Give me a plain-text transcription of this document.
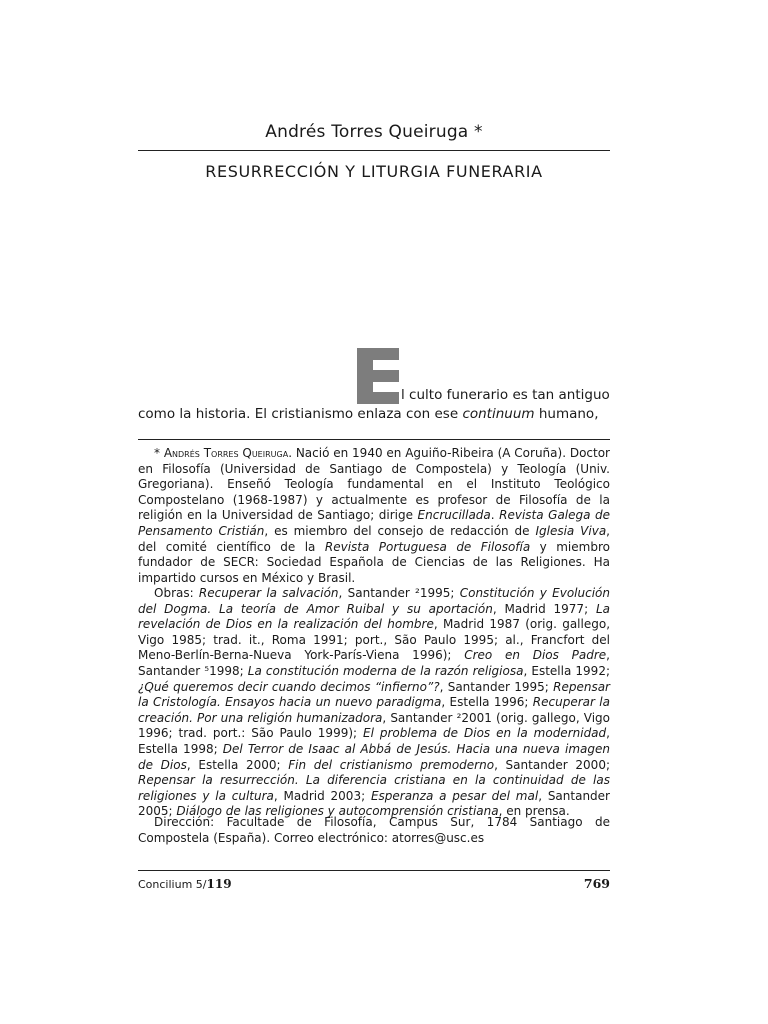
Andrés Torres Queiruga *
RESURRECCIÓN Y LITURGIA FUNERARIA
E
l culto funerario es tan antiguo
como la historia. El cristianismo enlaza con ese continuum humano,

* Andrés Torres Queiruga. Nació en 1940 en Aguiño-Ribeira (A Coruña). Doctor en Filosofía (Universidad de Santiago de Compostela) y Teología (Univ. Gregoriana). Enseñó Teología fundamental en el Instituto Teológico Compostelano (1968-1987) y actualmente es profesor de Filosofía de la religión en la Universidad de Santiago; dirige Encrucillada. Revista Galega de Pensamento Cristián, es miembro del consejo de redacción de Iglesia Viva, del comité científico de la Revista Portuguesa de Filosofía y miembro fundador de SECR: Sociedad Española de Ciencias de las Religiones. Ha impartido cursos en México y Brasil.

Obras: Recuperar la salvación, Santander ²1995; Constitución y Evolución del Dogma. La teoría de Amor Ruibal y su aportación, Madrid 1977; La revelación de Dios en la realización del hombre, Madrid 1987 (orig. gallego, Vigo 1985; trad. it., Roma 1991; port., São Paulo 1995; al., Francfort del Meno-Berlín-Berna-Nueva York-París-Viena 1996); Creo en Dios Padre, Santander ⁵1998; La constitución moderna de la razón religiosa, Estella 1992; ¿Qué queremos decir cuando decimos “infierno”?, Santander 1995; Repensar la Cristología. Ensayos hacia un nuevo paradigma, Estella 1996; Recuperar la creación. Por una religión humanizadora, Santander ²2001 (orig. gallego, Vigo 1996; trad. port.: São Paulo 1999); El problema de Dios en la modernidad, Estella 1998; Del Terror de Isaac al Abbá de Jesús. Hacia una nueva imagen de Dios, Estella 2000; Fin del cristianismo premoderno, Santander 2000; Repensar la resurrección. La diferencia cristiana en la continuidad de las religiones y la cultura, Madrid 2003; Esperanza a pesar del mal, Santander 2005; Diálogo de las religiones y autocomprensión cristiana, en prensa.

Dirección: Facultade de Filosofía, Campus Sur, 1784 Santiago de Compostela (España). Correo electrónico: atorres@usc.es

Concilium 5/119	769
